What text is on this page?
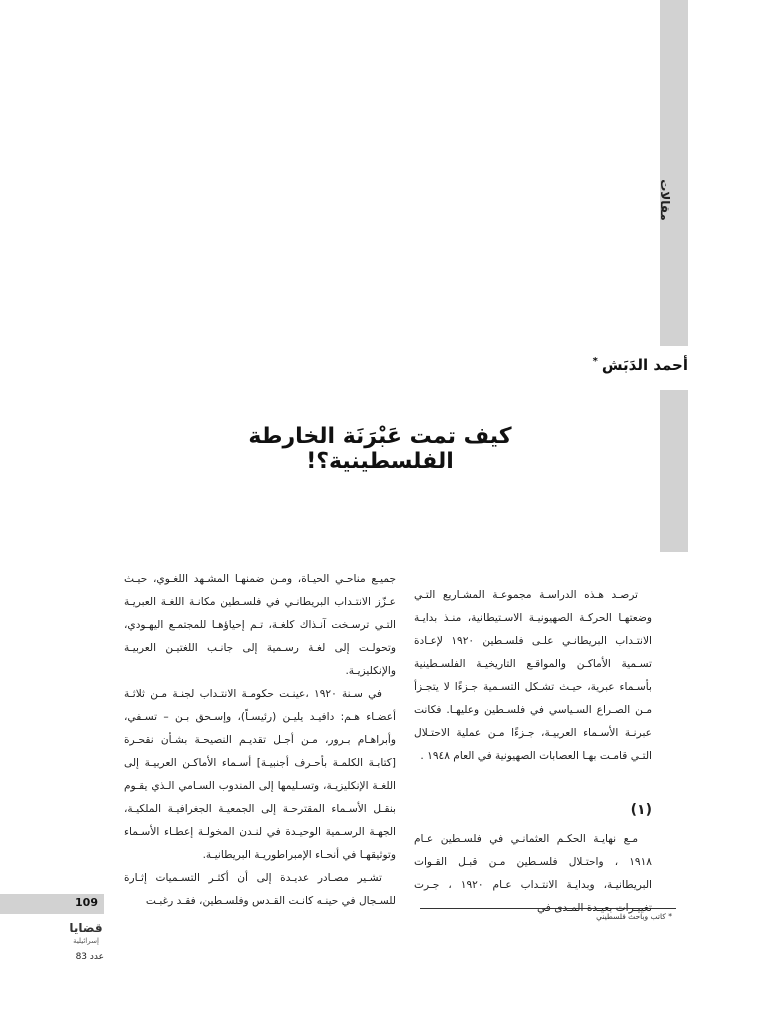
مقالات
أحمد الدَبَش*
كيف تمت عَبْرَنَة الخارطة الفلسطينية؟!

ترصـد هـذه الدراسـة مجموعـة المشـاريع التـي وضعتهـا الحركـة الصهيونيـة الاسـتيطانية، منـذ بدايـة الانتـداب البريطانـي علـى فلسـطين ١٩٢٠ لإعـادة تسـمية الأماكـن والمواقـع التاريخيـة الفلسـطينية بأسـماء عبرية، حيـث تشـكل التسـمية جـزءًا لا يتجـزأ مـن الصـراع السـياسي في فلسـطين وعليهـا. فكانت عبرنـة الأسـماء العربيـة، جـزءًا مـن عملية الاحتـلال التـي قامـت بهـا العصابات الصهيونية في العام ١٩٤٨ .

(١)

مـع نهايـة الحكـم العثمانـي في فلسـطين عـام ١٩١٨ ، واحتـلال فلسـطين مـن قبـل القـوات البريطانيـة، وبدايـة الانتـداب عـام ١٩٢٠ ، جـرت تغييـرات بعيـدة المـدى في

جميـع مناحـي الحيـاة، ومـن ضمنهـا المشـهد اللغـوي، حيـث عـزّز الانتـداب البريطانـي في فلسـطين مكانـة اللغـة العبريـة التـي ترسـخت آنـذاك كلغـة، تـم إحياؤهـا للمجتمـع اليهـودي، وتحولـت إلى لغـة رسـمية إلى جانـب اللغتيـن العربيـة والإنكليزيـة.

في سـنة ١٩٢٠ ،عينـت حكومـة الانتـداب لجنـة مـن ثلاثـة أعضـاء هـم: دافيـد يليـن (رئيسـاً)، وإسـحق بـن – تسـفي، وأبراهـام بـرور، مـن أجـل تقديـم النصيحـة بشـأن نقحـرة [كتابـة الكلمـة بأحـرف أجنبيـة] أسـماء الأماكـن العربيـة إلى اللغـة الإنكليزيـة، وتسـليمها إلى المندوب السـامي الـذي يقـوم بنقـل الأسـماء المقترحـة إلى الجمعيـة الجغرافيـة الملكيـة، الجهـة الرسـمية الوحيـدة في لنـدن المخولـة إعطـاء الأسـماء وتوثيقهـا في أنحـاء الإمبراطوريـة البريطانيـة.

تشـير مصـادر عديـدة إلى أن أكثـر التسـميات إثـارة للسـجال في حينـه كانـت القـدس وفلسـطين، فقـد رغبـت

* كاتب وباحث فلسطيني
109
قضايا
إسرائيلية
عدد 83
